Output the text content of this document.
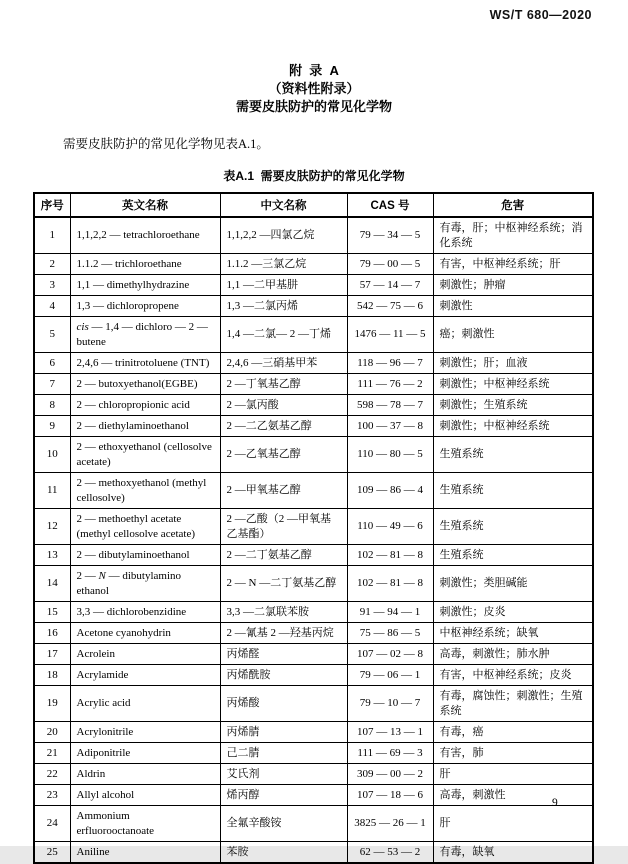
WS/T 680—2020
附  录  A
（资料性附录）
需要皮肤防护的常见化学物

需要皮肤防护的常见化学物见表A.1。

表A.1  需要皮肤防护的常见化学物
序号	英文名称	中文名称	CAS 号	危害
1	1,1,2,2 — tetrachloroethane	1,1,2,2 —四氯乙烷	79 — 34 — 5	有毒，肝；中枢神经系统；消化系统
2	1.1.2 — trichloroethane	1.1.2 —三氯乙烷	79 — 00 — 5	有害，中枢神经系统；肝
3	1,1 — dimethylhydrazine	1,1 —二甲基肼	57 — 14 — 7	刺激性；肿瘤
4	1,3 — dichloropropene	1,3 —二氯丙烯	542 — 75 — 6	刺激性
5	cis — 1,4 — dichloro — 2 — butene	1,4 —二氯— 2 —丁烯	1476 — 11 — 5	癌；刺激性
6	2,4,6 — trinitrotoluene (TNT)	2,4,6 —三硝基甲苯	118 — 96 — 7	刺激性；肝；血液
7	2 — butoxyethanol(EGBE)	2 —丁氧基乙醇	111 — 76 — 2	刺激性；中枢神经系统
8	2 — chloropropionic acid	2 —氯丙酸	598 — 78 — 7	刺激性；生殖系统
9	2 — diethylaminoethanol	2 —二乙氨基乙醇	100 — 37 — 8	刺激性；中枢神经系统
10	2 — ethoxyethanol (cellosolve acetate)	2 —乙氧基乙醇	110 — 80 — 5	生殖系统
11	2 — methoxyethanol (methyl cellosolve)	2 —甲氧基乙醇	109 — 86 — 4	生殖系统
12	2 — methoethyl acetate (methyl cellosolve acetate)	2 —乙酸（2 —甲氧基乙基酯）	110 — 49 — 6	生殖系统
13	2 — dibutylaminoethanol	2 —二丁氨基乙醇	102 — 81 — 8	生殖系统
14	2 — N — dibutylamino ethanol	2 — N —二丁氨基乙醇	102 — 81 — 8	刺激性；类胆碱能
15	3,3 — dichlorobenzidine	3,3 —二氯联苯胺	91 — 94 — 1	刺激性；皮炎
16	Acetone cyanohydrin	2 —氰基 2 —羟基丙烷	75 — 86 — 5	中枢神经系统；缺氧
17	Acrolein	丙烯醛	107 — 02 — 8	高毒，刺激性；肺水肿
18	Acrylamide	丙烯酰胺	79 — 06 — 1	有害，中枢神经系统；皮炎
19	Acrylic acid	丙烯酸	79 — 10 — 7	有毒，腐蚀性；刺激性；生殖系统
20	Acrylonitrile	丙烯腈	107 — 13 — 1	有毒，癌
21	Adiponitrile	己二腈	111 — 69 — 3	有害，肺
22	Aldrin	艾氏剂	309 — 00 — 2	肝
23	Allyl alcohol	烯丙醇	107 — 18 — 6	高毒，刺激性
24	Ammonium　erfluorooctanoate	全氟辛酸铵	3825 — 26 — 1	肝
25	Aniline	苯胺	62 — 53 — 2	有毒，缺氧
9
